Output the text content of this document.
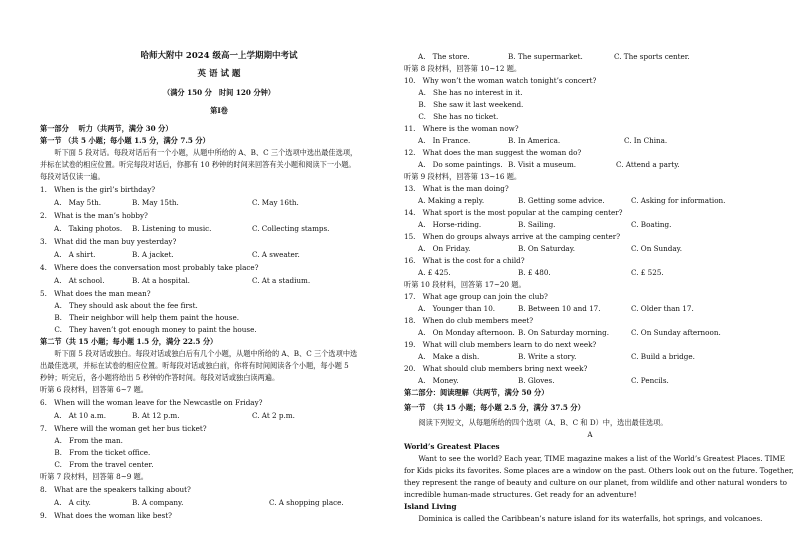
哈师大附中 2024 级高一上学期期中考试
英 语 试 题
（满分 150 分　时间 120 分钟）
第Ⅰ卷
第一部分　 听力（共两节，满分 30 分）
第一节 （共 5 小题；每小题 1.5 分，满分 7.5 分）
　　听下面 5 段对话。每段对话后有一个小题，从题中所给的 A、B、C 三个选项中选出最佳选项，
并标在试卷的相应位置。听完每段对话后，你都有 10 秒钟的时间来回答有关小题和阅读下一小题。
每段对话仅读一遍。
1.　When is the girl’s birthday?
A.　May 5th.	B. May 15th.	C. May 16th.
2.　What is the man’s hobby?
A.　Taking photos. B. Listening to music.	C. Collecting stamps.
3.　What did the man buy yesterday?
A.　A shirt.	B. A jacket.	C. A sweater.
4.　Where does the conversation most probably take place?
A.　At school.	B. At a hospital.	C. At a stadium.
5.　What does the man mean?
　　A.　They should ask about the fee first.
　　B.　Their neighbor will help them paint the house.
　　C.　They haven’t got enough money to paint the house.
第二节（共 15 小题；每小题 1.5 分，满分 22.5 分）
　　听下面 5 段对话或独白。每段对话或独白后有几个小题，从题中所给的 A、B、C 三个选项中选
出最佳选项，并标在试卷的相应位置。听每段对话或独白前，你将有时间阅读各个小题，每小题 5
秒钟；听完后，各小题将给出 5 秒钟的作答时间。每段对话或独白读两遍。
听第 6 段材料，回答第 6~7 题。
6.　When will the woman leave for the Newcastle on Friday?
A.　At 10 a.m.	B. At 12 p.m.	C. At 2 p.m.
7.　Where will the woman get her bus ticket?
　　A.　From the man.
　　B.　From the ticket office.
　　C.　From the travel center.
听第 7 段材料，回答第 8~9 题。
8.　What are the speakers talking about?
A.　A city.	B. A company.	C. A shopping place.
9.　What does the woman like best?
A.　The store.	B. The supermarket.	C. The sports center.
听第 8 段材料，回答第 10~12 题。
10.　Why won’t the woman watch tonight’s concert?
　　A.　She has no interest in it.
　　B.　She saw it last weekend.
　　C.　She has no ticket.
11.　Where is the woman now?
A.　In France.	B. In America.	C. In China.
12.　What does the man suggest the woman do?
A.　Do some paintings. B. Visit a museum.	C. Attend a party.
听第 9 段材料，回答第 13~16 题。
13.　What is the man doing?
A. Making a reply.	B. Getting some advice.	C. Asking for information.
14.　What sport is the most popular at the camping center?
A.　Horse-riding.	B. Sailing.	C. Boating.
15.　When do groups always arrive at the camping center?
A.　On Friday.	B. On Saturday.	C. On Sunday.
16.　What is the cost for a child?
A. £ 425.	B. £ 480.	C. £ 525.
听第 10 段材料，回答第 17~20 题。
17.　What age group can join the club?
A.　Younger than 10.	B. Between 10 and 17.	C. Older than 17.
18.　When do club members meet?
A.　On Monday afternoon. B. On Saturday morning.	C. On Sunday afternoon.
19.　What will club members learn to do next week?
A.　Make a dish.	B. Write a story.	C. Build a bridge.
20.　What should club members bring next week?
A.　Money.	B. Gloves.	C. Pencils.
第二部分：阅读理解（共两节，满分 50 分）
第一节　（共 15 小题；每小题 2.5 分，满分 37.5 分）
　　阅读下列短文，从每题所给的四个选项（A、B、C 和 D）中，选出最佳选项。
A
World’s Greatest Places
　　Want to see the world? Each year, TIME magazine makes a list of the World’s Greatest Places. TIME
for Kids picks its favorites. Some places are a window on the past. Others look out on the future. Together,
they represent the range of beauty and culture on our planet, from wildlife and other natural wonders to
incredible human-made structures. Get ready for an adventure!
Island Living
　　Dominica is called the Caribbean’s nature island for its waterfalls, hot springs, and volcanoes.
